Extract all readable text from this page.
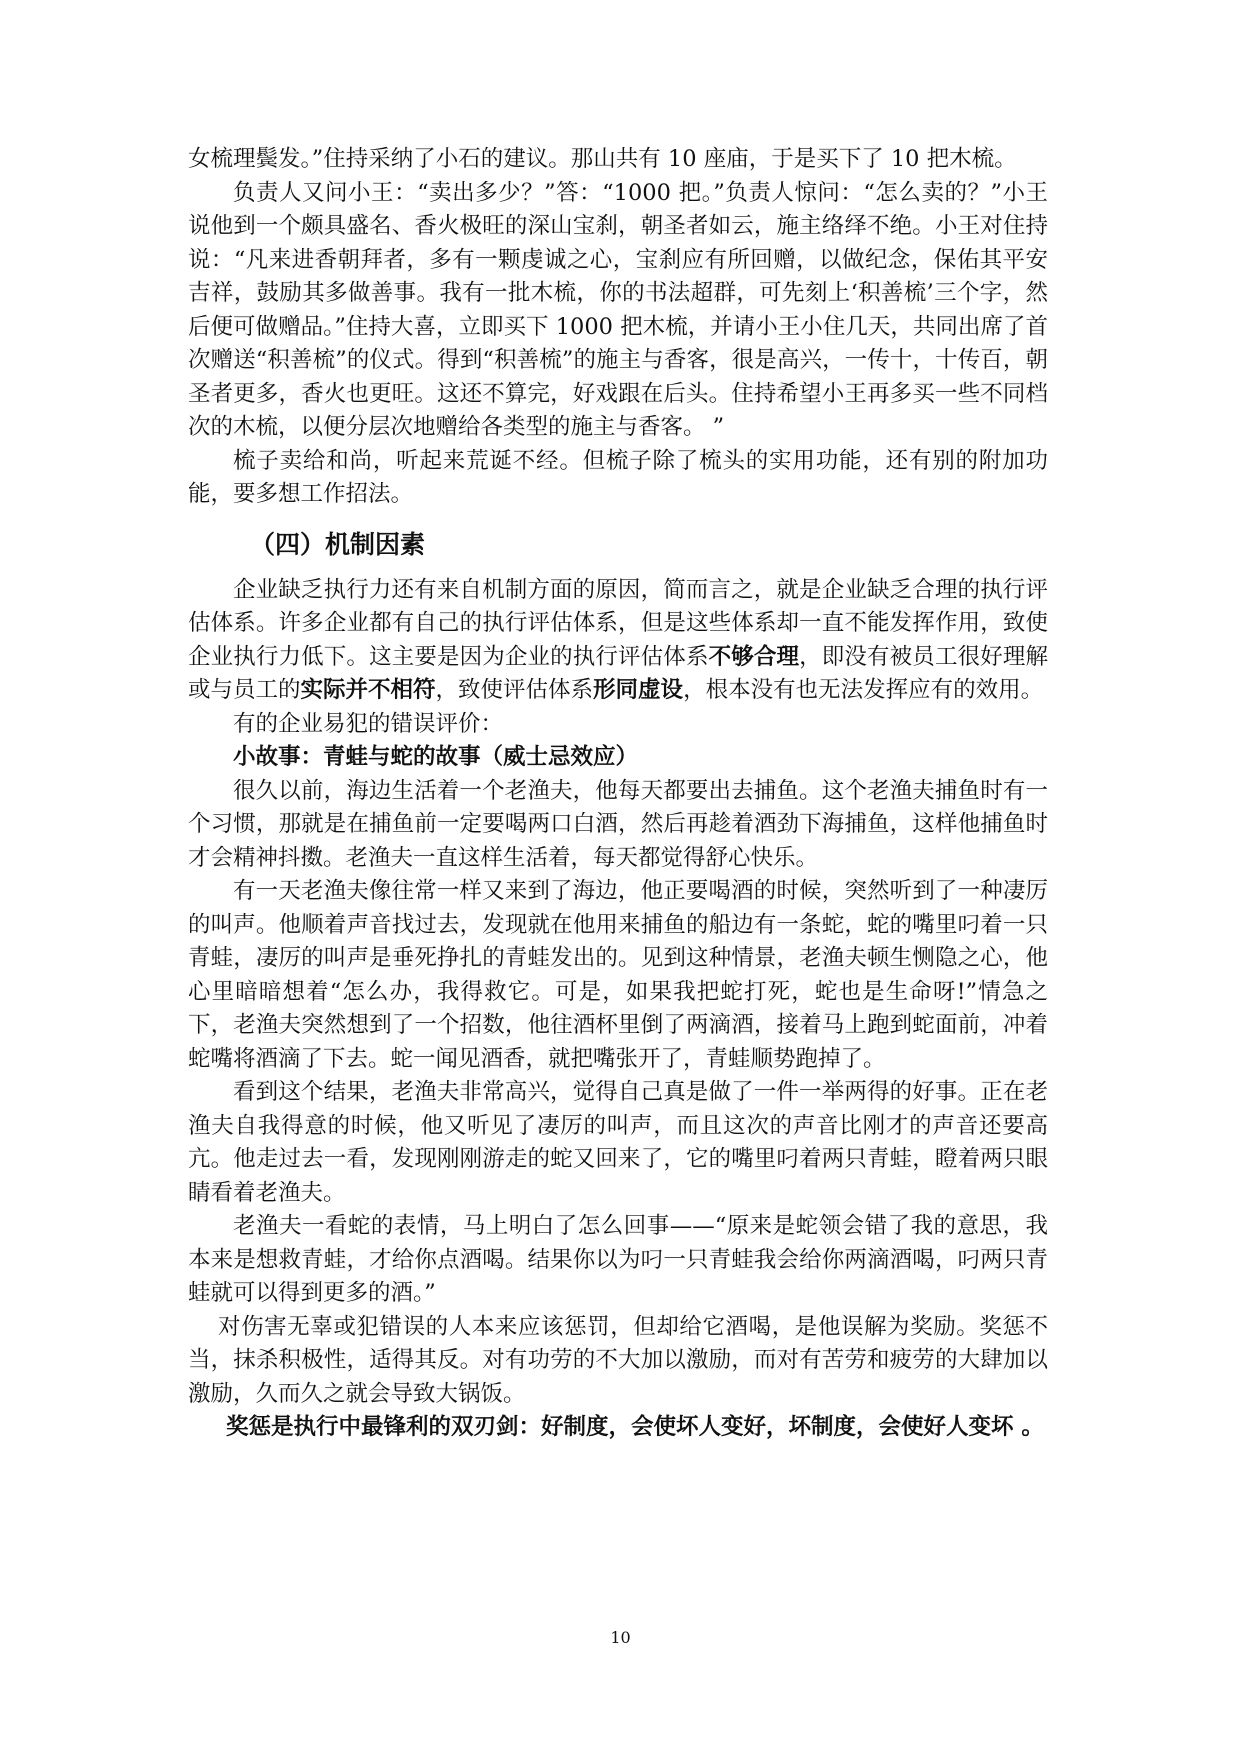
女梳理鬓发。”住持采纳了小石的建议。那山共有 10 座庙，于是买下了 10 把木梳。

负责人又问小王：“卖出多少？”答：“1000 把。”负责人惊问：“怎么卖的？”小王说他到一个颇具盛名、香火极旺的深山宝刹，朝圣者如云，施主络绎不绝。小王对住持说：“凡来进香朝拜者，多有一颗虔诚之心，宝刹应有所回赠，以做纪念，保佑其平安吉祥，鼓励其多做善事。我有一批木梳，你的书法超群，可先刻上‘积善梳’三个字，然后便可做赠品。”住持大喜，立即买下 1000 把木梳，并请小王小住几天，共同出席了首次赠送“积善梳”的仪式。得到“积善梳”的施主与香客，很是高兴，一传十，十传百，朝圣者更多，香火也更旺。这还不算完，好戏跟在后头。住持希望小王再多买一些不同档次的木梳，以便分层次地赠给各类型的施主与香客。 ”

梳子卖给和尚，听起来荒诞不经。但梳子除了梳头的实用功能，还有别的附加功能，要多想工作招法。

（四）机制因素

企业缺乏执行力还有来自机制方面的原因，简而言之，就是企业缺乏合理的执行评估体系。许多企业都有自己的执行评估体系，但是这些体系却一直不能发挥作用，致使企业执行力低下。这主要是因为企业的执行评估体系不够合理，即没有被员工很好理解或与员工的实际并不相符，致使评估体系形同虚设，根本没有也无法发挥应有的效用。

有的企业易犯的错误评价：

小故事：青蛙与蛇的故事（威士忌效应）

很久以前，海边生活着一个老渔夫，他每天都要出去捕鱼。这个老渔夫捕鱼时有一个习惯，那就是在捕鱼前一定要喝两口白酒，然后再趁着酒劲下海捕鱼，这样他捕鱼时才会精神抖擞。老渔夫一直这样生活着，每天都觉得舒心快乐。

有一天老渔夫像往常一样又来到了海边，他正要喝酒的时候，突然听到了一种凄厉的叫声。他顺着声音找过去，发现就在他用来捕鱼的船边有一条蛇，蛇的嘴里叼着一只青蛙，凄厉的叫声是垂死挣扎的青蛙发出的。见到这种情景，老渔夫顿生恻隐之心，他心里暗暗想着“怎么办，我得救它。可是，如果我把蛇打死，蛇也是生命呀!”情急之下，老渔夫突然想到了一个招数，他往酒杯里倒了两滴酒，接着马上跑到蛇面前，冲着蛇嘴将酒滴了下去。蛇一闻见酒香，就把嘴张开了，青蛙顺势跑掉了。

看到这个结果，老渔夫非常高兴，觉得自己真是做了一件一举两得的好事。正在老渔夫自我得意的时候，他又听见了凄厉的叫声，而且这次的声音比刚才的声音还要高亢。他走过去一看，发现刚刚游走的蛇又回来了，它的嘴里叼着两只青蛙，瞪着两只眼睛看着老渔夫。

老渔夫一看蛇的表情，马上明白了怎么回事——“原来是蛇领会错了我的意思，我本来是想救青蛙，才给你点酒喝。结果你以为叼一只青蛙我会给你两滴酒喝，叼两只青蛙就可以得到更多的酒。”

对伤害无辜或犯错误的人本来应该惩罚，但却给它酒喝，是他误解为奖励。奖惩不当，抹杀积极性，适得其反。对有功劳的不大加以激励，而对有苦劳和疲劳的大肆加以激励，久而久之就会导致大锅饭。

奖惩是执行中最锋利的双刃剑：好制度，会使坏人变好，坏制度，会使好人变坏 。

10
